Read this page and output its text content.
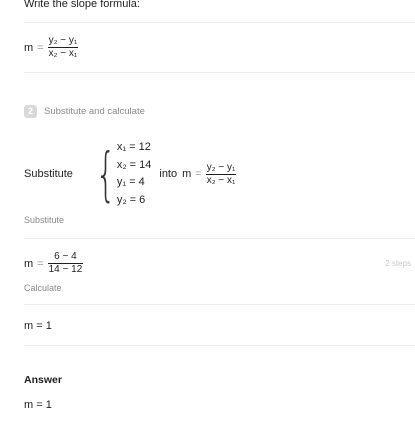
Write the slope formula:
$m = \frac{\text{y₂ − y₁}}{\text{x₂ − x₁}}$
2	Substitute and calculate
Substitute { x₁ = 12
x₂ = 14
y₁ = 4
y₂ = 6
into $m = \frac{\text{y₂ − y₁}}{\text{x₂ − x₁}}$
Substitute
$m = \frac{6 - 4}{14 - 12}$	2 steps
Calculate
m = 1
Answer
m = 1
